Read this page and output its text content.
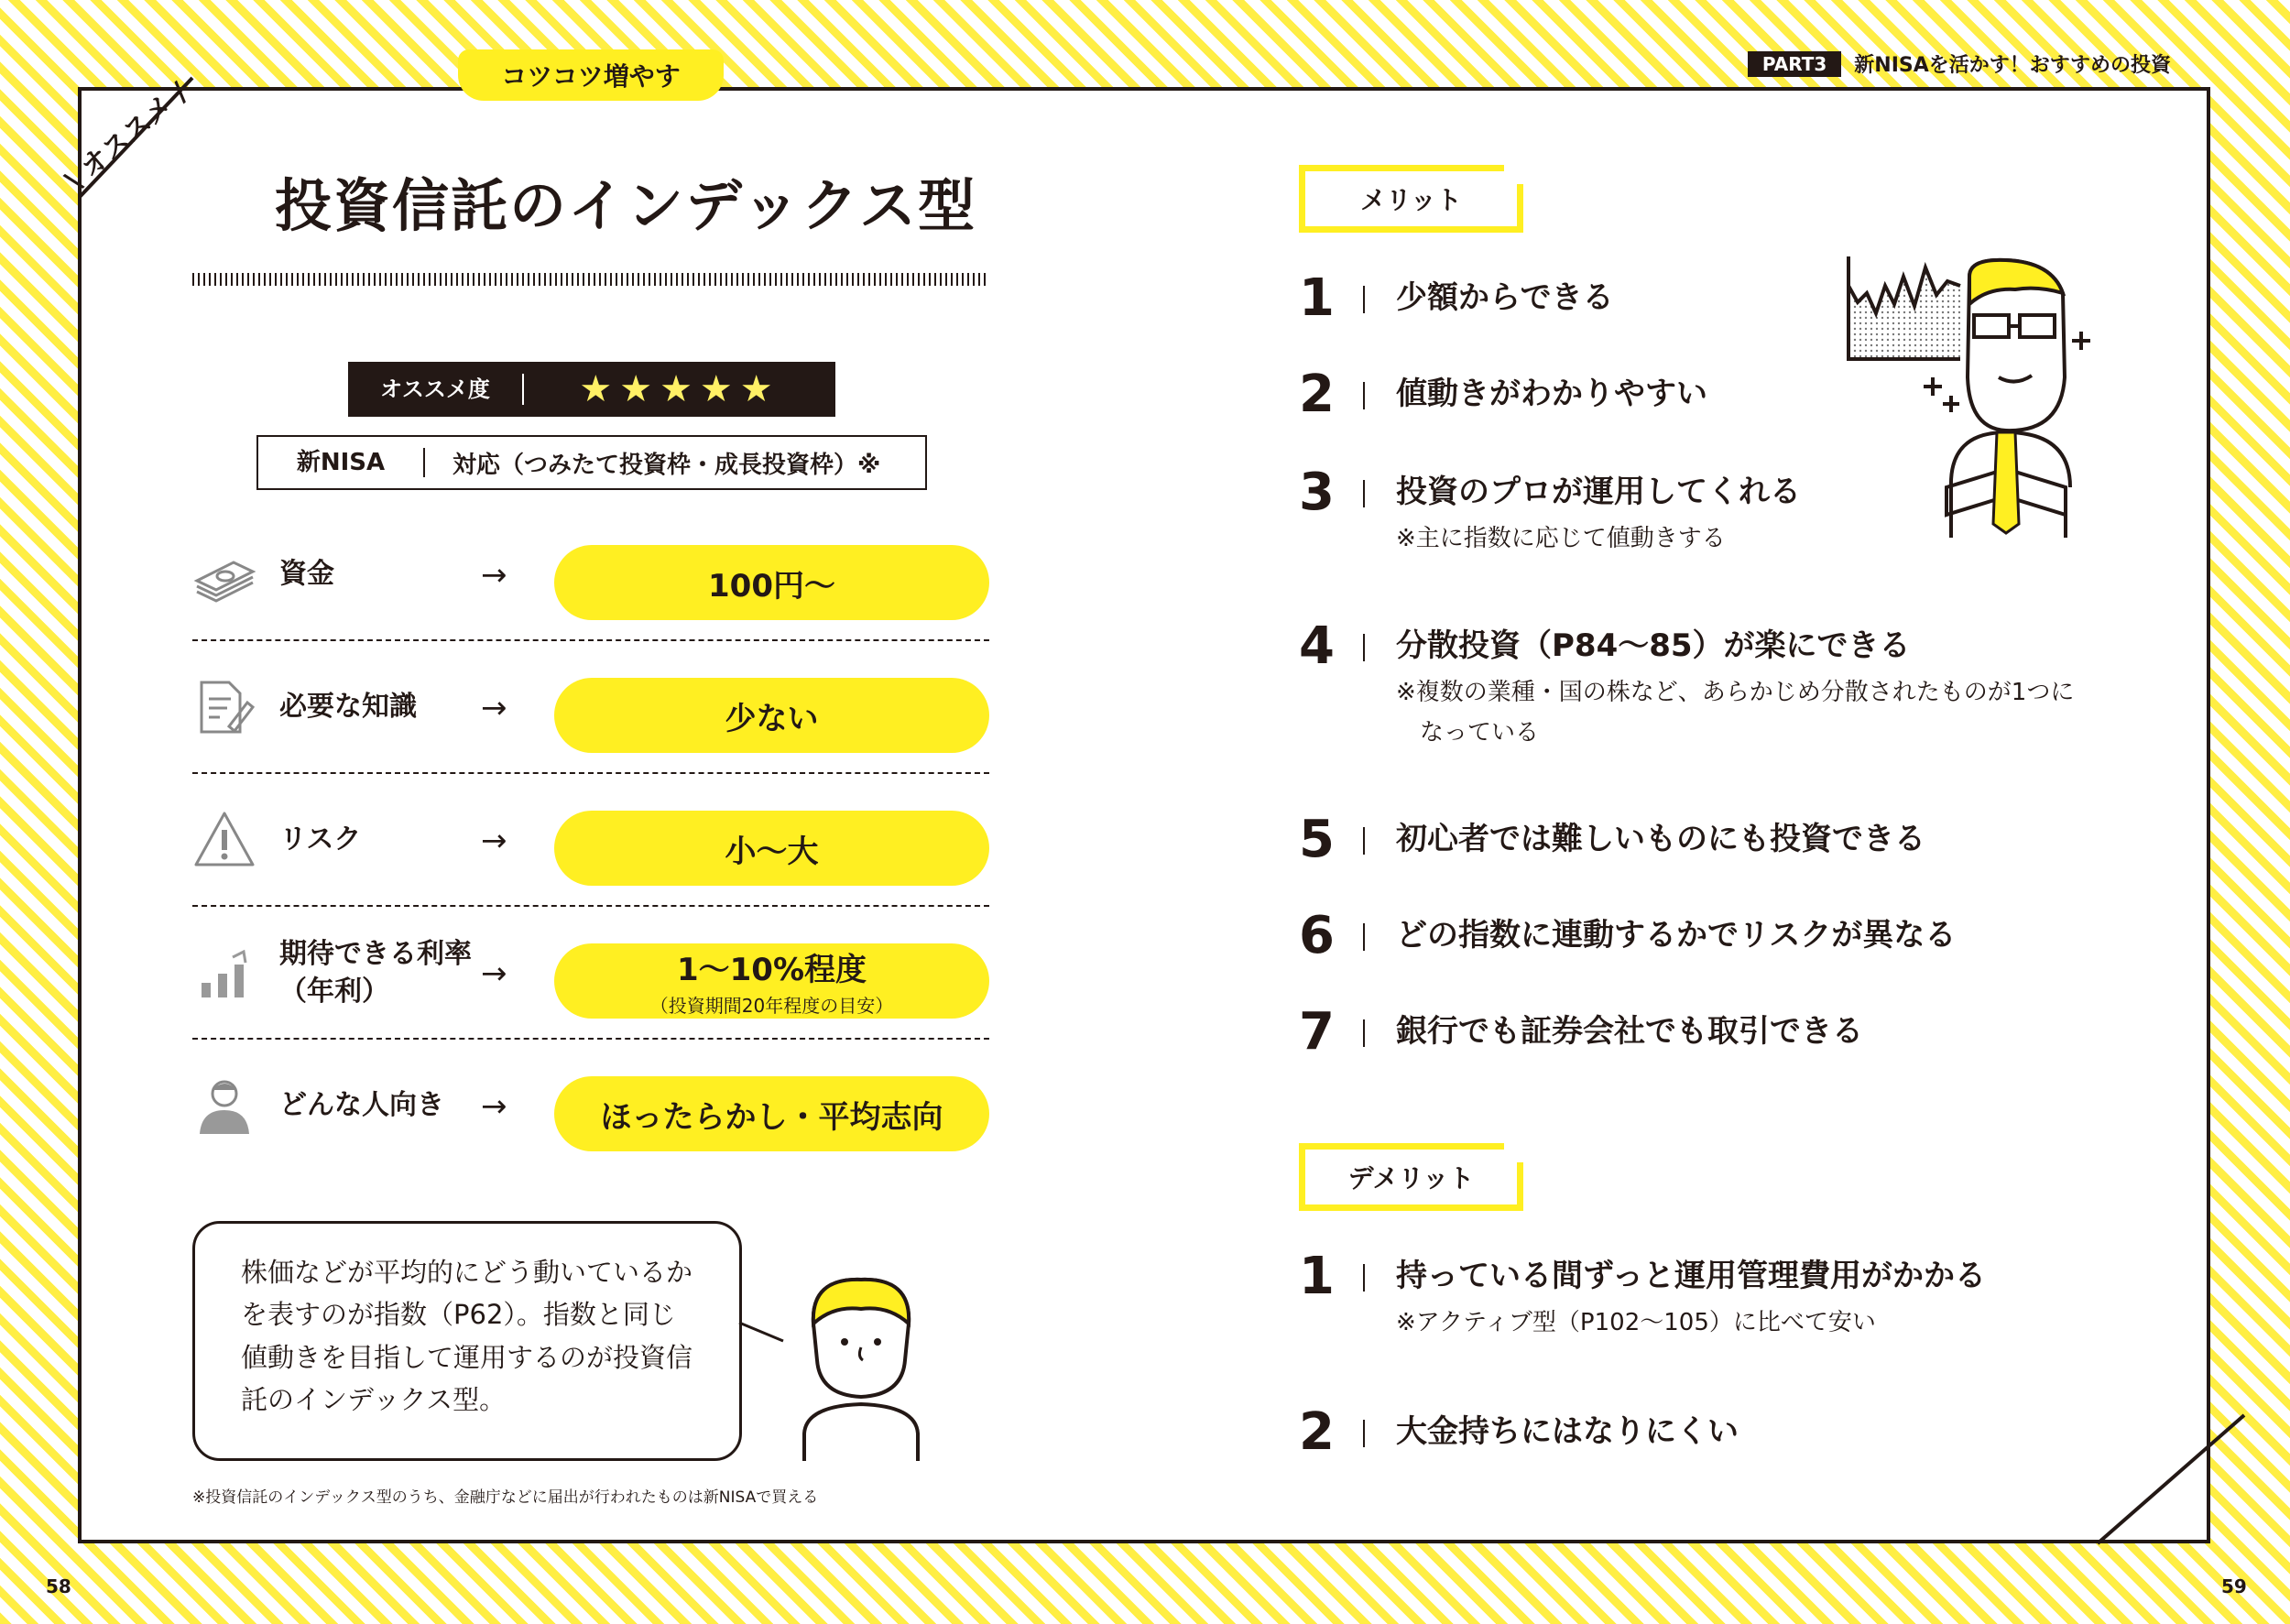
\ オススメ /
コツコツ増やす	PART3	新NISAを活かす！おすすめの投資
投資信託のインデックス型
オススメ度	★★★★★
新NISA	対応（つみたて投資枠・成長投資枠）※
資金	→	100円～
必要な知識 →	少ない
リスク	→	小～大
期待できる利率
（年利）	→	1～10%程度
（投資期間20年程度の目安）
どんな人向き →	ほったらかし・平均志向
株価などが平均的にどう動いているかを表すのが指数（P62）。指数と同じ値動きを目指して運用するのが投資信託のインデックス型。
※投資信託のインデックス型のうち、金融庁などに届出が行われたものは新NISAで買える
メリット
1	少額からできる
2	値動きがわかりやすい
3	投資のプロが運用してくれる
※主に指数に応じて値動きする
4	分散投資（P84～85）が楽にできる
※複数の業種・国の株など、あらかじめ分散されたものが1つに
　なっている
5	初心者では難しいものにも投資できる
6	どの指数に連動するかでリスクが異なる
7	銀行でも証券会社でも取引できる
デメリット
1	持っている間ずっと運用管理費用がかかる
※アクティブ型（P102～105）に比べて安い
2	大金持ちにはなりにくい
58	59
